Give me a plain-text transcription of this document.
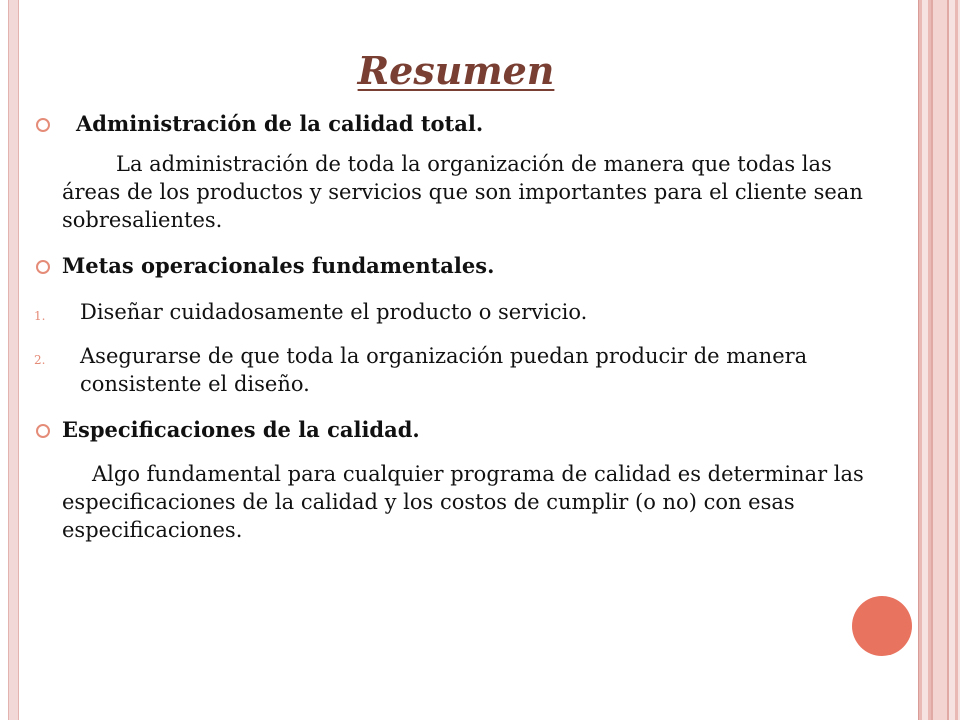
Resumen
Administración de la calidad total.
La administración de toda la organización de manera que todas las áreas de los productos y servicios que son importantes para el cliente sean sobresalientes.
Metas operacionales fundamentales.
1. Diseñar cuidadosamente el producto o servicio.
2. Asegurarse de que toda la organización puedan producir de manera consistente el diseño.
Especificaciones de la calidad.
Algo fundamental para cualquier programa de calidad es determinar las especificaciones de la calidad y los costos de cumplir (o no) con esas especificaciones.
